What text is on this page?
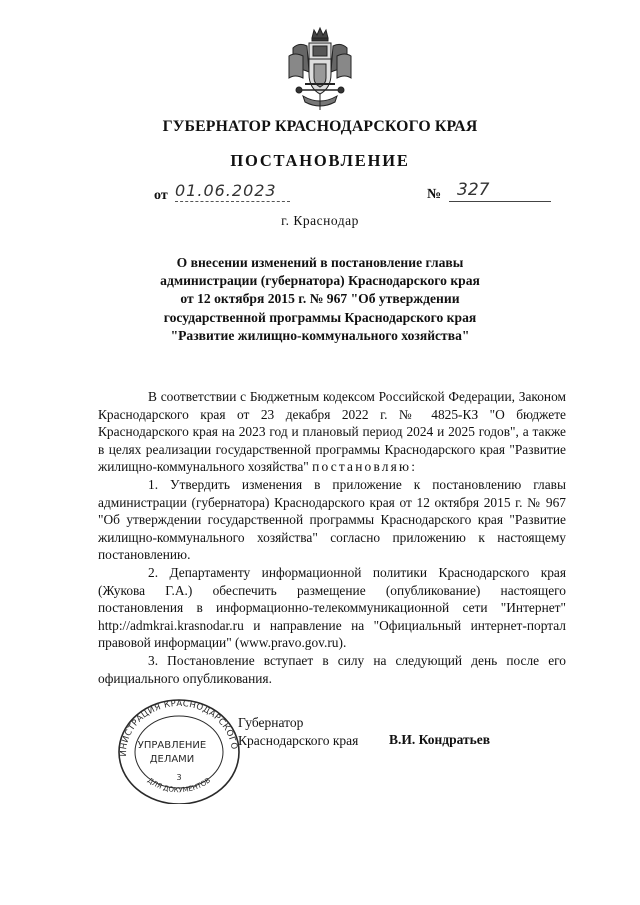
ГУБЕРНАТОР КРАСНОДАРСКОГО КРАЯ
ПОСТАНОВЛЕНИЕ
от 01.06.2023	№ 327
г. Краснодар
О внесении изменений в постановление главы
администрации (губернатора) Краснодарского края
от 12 октября 2015 г. № 967 "Об утверждении
государственной программы Краснодарского края
"Развитие жилищно-коммунального хозяйства"
В соответствии с Бюджетным кодексом Российской Федерации, Законом Краснодарского края от 23 декабря 2022 г. № 4825-КЗ "О бюджете Краснодарского края на 2023 год и плановый период 2024 и 2025 годов", а также в целях реализации государственной программы Краснодарского края "Развитие жилищно-коммунального хозяйства" постановляю:
1. Утвердить изменения в приложение к постановлению главы администрации (губернатора) Краснодарского края от 12 октября 2015 г. № 967 "Об утверждении государственной программы Краснодарского края "Развитие жилищно-коммунального хозяйства" согласно приложению к настоящему постановлению.
2. Департаменту информационной политики Краснодарского края (Жукова Г.А.) обеспечить размещение (опубликование) настоящего постановления в информационно-телекоммуникационной сети "Интернет" http://admkrai.krasnodar.ru и направление на "Официальный интернет-портал правовой информации" (www.pravo.gov.ru).
3. Постановление вступает в силу на следующий день после его официального опубликования.
ИНИСТРАЦИЯ КРАСНОДАРСКОГО
ДЛЯ ДОКУМЕНТОВ
УПРАВЛЕНИЕ
ДЕЛАМИ
3
Губернатор
Краснодарского края В.И. Кондратьев
